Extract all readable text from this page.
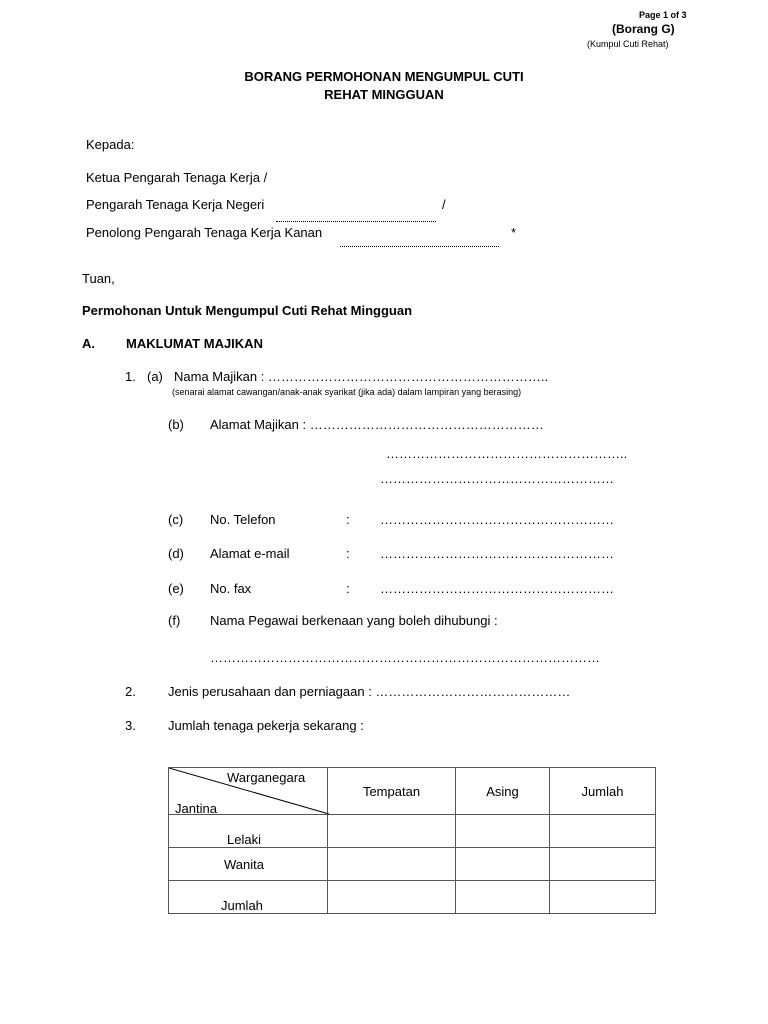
Page 1 of 3
(Borang G)
(Kumpul Cuti Rehat)
BORANG PERMOHONAN MENGUMPUL CUTI
REHAT MINGGUAN
Kepada:
Ketua Pengarah Tenaga Kerja /
Pengarah Tenaga Kerja Negeri	/
Penolong Pengarah Tenaga Kerja Kanan	*
Tuan,
Permohonan Untuk Mengumpul Cuti Rehat Mingguan
A. MAKLUMAT MAJIKAN
1. (a) Nama Majikan : ………………………………………………………..
(senarai alamat cawangan/anak-anak syarikat (jika ada) dalam lampiran yang berasing)
(b) Alamat Majikan : ………………………………………………
………………………………………………..
………………………………………………
(c) No. Telefon	: ………………………………………………
(d) Alamat e-mail	: ………………………………………………
(e) No. fax	: ………………………………………………
(f) Nama Pegawai berkenaan yang boleh dihubungi :
………………………………………………………………………………
2. Jenis perusahaan dan perniagaan : ………………………………………
3. Jumlah tenaga pekerja sekarang :
Warganegara
Jantina	Tempatan	Asing	Jumlah
Lelaki			
Wanita			
Jumlah			
